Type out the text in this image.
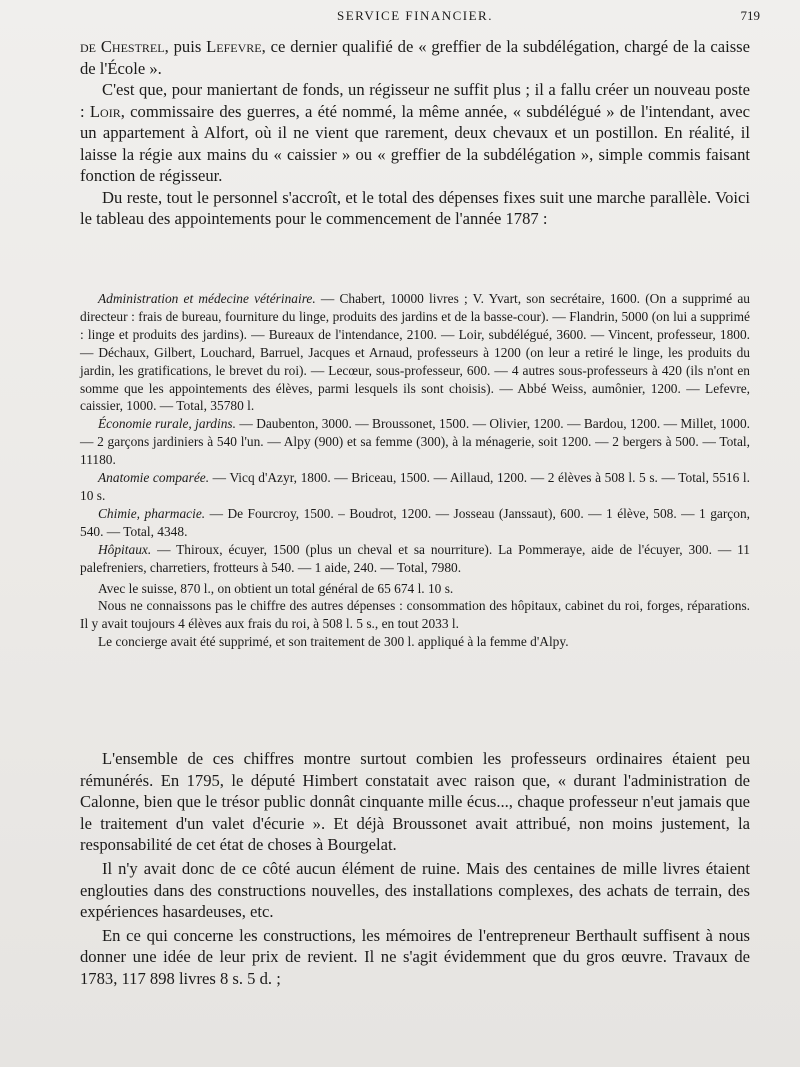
SERVICE FINANCIER.	719

de Chestrel, puis Lefevre, ce dernier qualifié de « greffier de la subdélégation, chargé de la caisse de l'École ».

C'est que, pour maniertant de fonds, un régisseur ne suffit plus ; il a fallu créer un nouveau poste : Loir, commissaire des guerres, a été nommé, la même année, « subdélégué » de l'intendant, avec un appartement à Alfort, où il ne vient que rarement, deux chevaux et un postillon. En réalité, il laisse la régie aux mains du « caissier » ou « greffier de la subdélégation », simple commis faisant fonction de régisseur.

Du reste, tout le personnel s'accroît, et le total des dépenses fixes suit une marche parallèle. Voici le tableau des appointements pour le commencement de l'année 1787 :

Administration et médecine vétérinaire. — Chabert, 10000 livres ; V. Yvart, son secrétaire, 1600. (On a supprimé au directeur : frais de bureau, fourniture du linge, produits des jardins et de la basse-cour). — Flandrin, 5000 (on lui a supprimé : linge et produits des jardins). — Bureaux de l'intendance, 2100. — Loir, subdélégué, 3600. — Vincent, professeur, 1800. — Déchaux, Gilbert, Louchard, Barruel, Jacques et Arnaud, professeurs à 1200 (on leur a retiré le linge, les produits du jardin, les gratifications, le brevet du roi). — Lecœur, sous-professeur, 600. — 4 autres sous-professeurs à 420 (ils n'ont en somme que les appointements des élèves, parmi lesquels ils sont choisis). — Abbé Weiss, aumônier, 1200. — Lefevre, caissier, 1000. — Total, 35780 l.

Économie rurale, jardins. — Daubenton, 3000. — Broussonet, 1500. — Olivier, 1200. — Bardou, 1200. — Millet, 1000. — 2 garçons jardiniers à 540 l'un. — Alpy (900) et sa femme (300), à la ménagerie, soit 1200. — 2 bergers à 500. — Total, 11180.

Anatomie comparée. — Vicq d'Azyr, 1800. — Briceau, 1500. — Aillaud, 1200. — 2 élèves à 508 l. 5 s. — Total, 5516 l. 10 s.

Chimie, pharmacie. — De Fourcroy, 1500. – Boudrot, 1200. — Josseau (Janssaut), 600. — 1 élève, 508. — 1 garçon, 540. — Total, 4348.

Hôpitaux. — Thiroux, écuyer, 1500 (plus un cheval et sa nourriture). La Pommeraye, aide de l'écuyer, 300. — 11 palefreniers, charretiers, frotteurs à 540. — 1 aide, 240. — Total, 7980.

Avec le suisse, 870 l., on obtient un total général de 65 674 l. 10 s.

Nous ne connaissons pas le chiffre des autres dépenses : consommation des hôpitaux, cabinet du roi, forges, réparations. Il y avait toujours 4 élèves aux frais du roi, à 508 l. 5 s., en tout 2033 l.

Le concierge avait été supprimé, et son traitement de 300 l. appliqué à la femme d'Alpy.

L'ensemble de ces chiffres montre surtout combien les professeurs ordinaires étaient peu rémunérés. En 1795, le député Himbert constatait avec raison que, « durant l'administration de Calonne, bien que le trésor public donnât cinquante mille écus..., chaque professeur n'eut jamais que le traitement d'un valet d'écurie ». Et déjà Broussonet avait attribué, non moins justement, la responsabilité de cet état de choses à Bourgelat.

Il n'y avait donc de ce côté aucun élément de ruine. Mais des centaines de mille livres étaient englouties dans des constructions nouvelles, des installations complexes, des achats de terrain, des expériences hasardeuses, etc.

En ce qui concerne les constructions, les mémoires de l'entrepreneur Berthault suffisent à nous donner une idée de leur prix de revient. Il ne s'agit évidemment que du gros œuvre. Travaux de 1783, 117 898 livres 8 s. 5 d. ;
